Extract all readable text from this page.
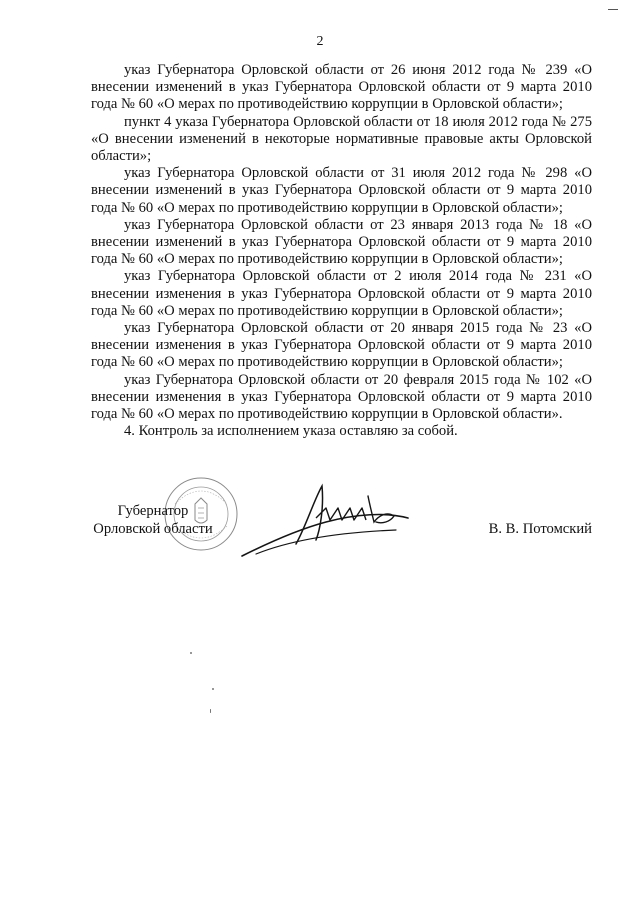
2

указ Губернатора Орловской области от 26 июня 2012 года № 239 «О внесении изменений в указ Губернатора Орловской области от 9 марта 2010 года № 60 «О мерах по противодействию коррупции в Орловской области»;

пункт 4 указа Губернатора Орловской области от 18 июля 2012 года № 275 «О внесении изменений в некоторые нормативные правовые акты Орловской области»;

указ Губернатора Орловской области от 31 июля 2012 года № 298 «О внесении изменений в указ Губернатора Орловской области от 9 марта 2010 года № 60 «О мерах по противодействию коррупции в Орловской области»;

указ Губернатора Орловской области от 23 января 2013 года № 18 «О внесении изменений в указ Губернатора Орловской области от 9 марта 2010 года № 60 «О мерах по противодействию коррупции в Орловской области»;

указ Губернатора Орловской области от 2 июля 2014 года № 231 «О внесении изменения в указ Губернатора Орловской области от 9 марта 2010 года № 60 «О мерах по противодействию коррупции в Орловской области»;

указ Губернатора Орловской области от 20 января 2015 года № 23 «О внесении изменения в указ Губернатора Орловской области от 9 марта 2010 года № 60 «О мерах по противодействию коррупции в Орловской области»;

указ Губернатора Орловской области от 20 февраля 2015 года № 102 «О внесении изменения в указ Губернатора Орловской области от 9 марта 2010 года № 60 «О мерах по противодействию коррупции в Орловской области».

4. Контроль за исполнением указа оставляю за собой.

Губернатор
Орловской области	В. В. Потомский
